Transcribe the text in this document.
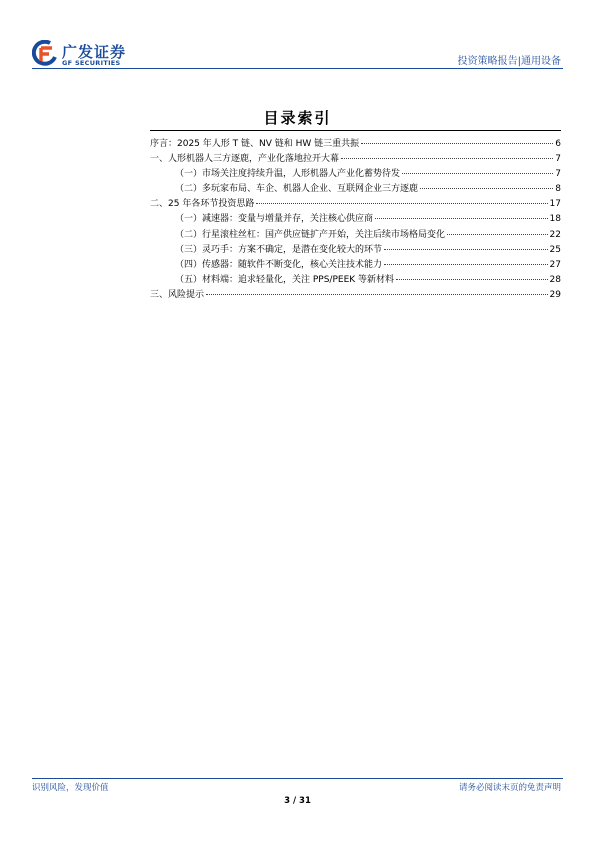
广发证券
GF SECURITIES	投资策略报告|通用设备
目录索引
序言：2025 年人形 T 链、NV 链和 HW 链三重共振	6
一、人形机器人三方逐鹿，产业化落地拉开大幕	7
（一）市场关注度持续升温，人形机器人产业化蓄势待发	7
（二）多玩家布局、车企、机器人企业、互联网企业三方逐鹿	8
二、25 年各环节投资思路	17
（一）减速器：变量与增量并存，关注核心供应商	18
（二）行星滚柱丝杠：国产供应链扩产开始，关注后续市场格局变化	22
（三）灵巧手：方案不确定，是潜在变化较大的环节	25
（四）传感器：随软件不断变化，核心关注技术能力	27
（五）材料端：追求轻量化，关注 PPS/PEEK 等新材料	28
三、风险提示	29
识别风险，发现价值	请务必阅读末页的免责声明
3 / 31
